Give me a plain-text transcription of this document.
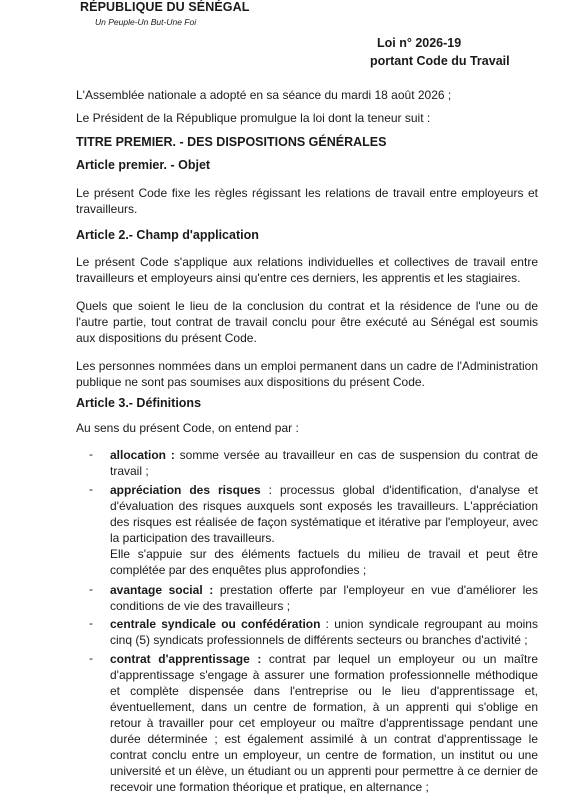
RÉPUBLIQUE DU SÉNÉGAL
Un Peuple-Un But-Une Foi
Loi n° 2026-19
portant Code du Travail
L'Assemblée nationale a adopté en sa séance du mardi 18 août 2026 ;
Le Président de la République promulgue la loi dont la teneur suit :
TITRE PREMIER. - DES DISPOSITIONS GÉNÉRALES
Article premier. - Objet
Le présent Code fixe les règles régissant les relations de travail entre employeurs et travailleurs.
Article 2.- Champ d'application
Le présent Code s'applique aux relations individuelles et collectives de travail entre travailleurs et employeurs ainsi qu'entre ces derniers, les apprentis et les stagiaires.
Quels que soient le lieu de la conclusion du contrat et la résidence de l'une ou de l'autre partie, tout contrat de travail conclu pour être exécuté au Sénégal est soumis aux dispositions du présent Code.
Les personnes nommées dans un emploi permanent dans un cadre de l'Administration publique ne sont pas soumises aux dispositions du présent Code.
Article 3.- Définitions
Au sens du présent Code, on entend par :
- allocation : somme versée au travailleur en cas de suspension du contrat de travail ;
- appréciation des risques : processus global d'identification, d'analyse et d'évaluation des risques auxquels sont exposés les travailleurs. L'appréciation des risques est réalisée de façon systématique et itérative par l'employeur, avec la participation des travailleurs.
Elle s'appuie sur des éléments factuels du milieu de travail et peut être complétée par des enquêtes plus approfondies ;
- avantage social : prestation offerte par l'employeur en vue d'améliorer les conditions de vie des travailleurs ;
- centrale syndicale ou confédération : union syndicale regroupant au moins cinq (5) syndicats professionnels de différents secteurs ou branches d'activité ;
- contrat d'apprentissage : contrat par lequel un employeur ou un maître d'apprentissage s'engage à assurer une formation professionnelle méthodique et complète dispensée dans l'entreprise ou le lieu d'apprentissage et, éventuellement, dans un centre de formation, à un apprenti qui s'oblige en retour à travailler pour cet employeur ou maître d'apprentissage pendant une durée déterminée ; est également assimilé à un contrat d'apprentissage le contrat conclu entre un employeur, un centre de formation, un institut ou une université et un élève, un étudiant ou un apprenti pour permettre à ce dernier de recevoir une formation théorique et pratique, en alternance ;
